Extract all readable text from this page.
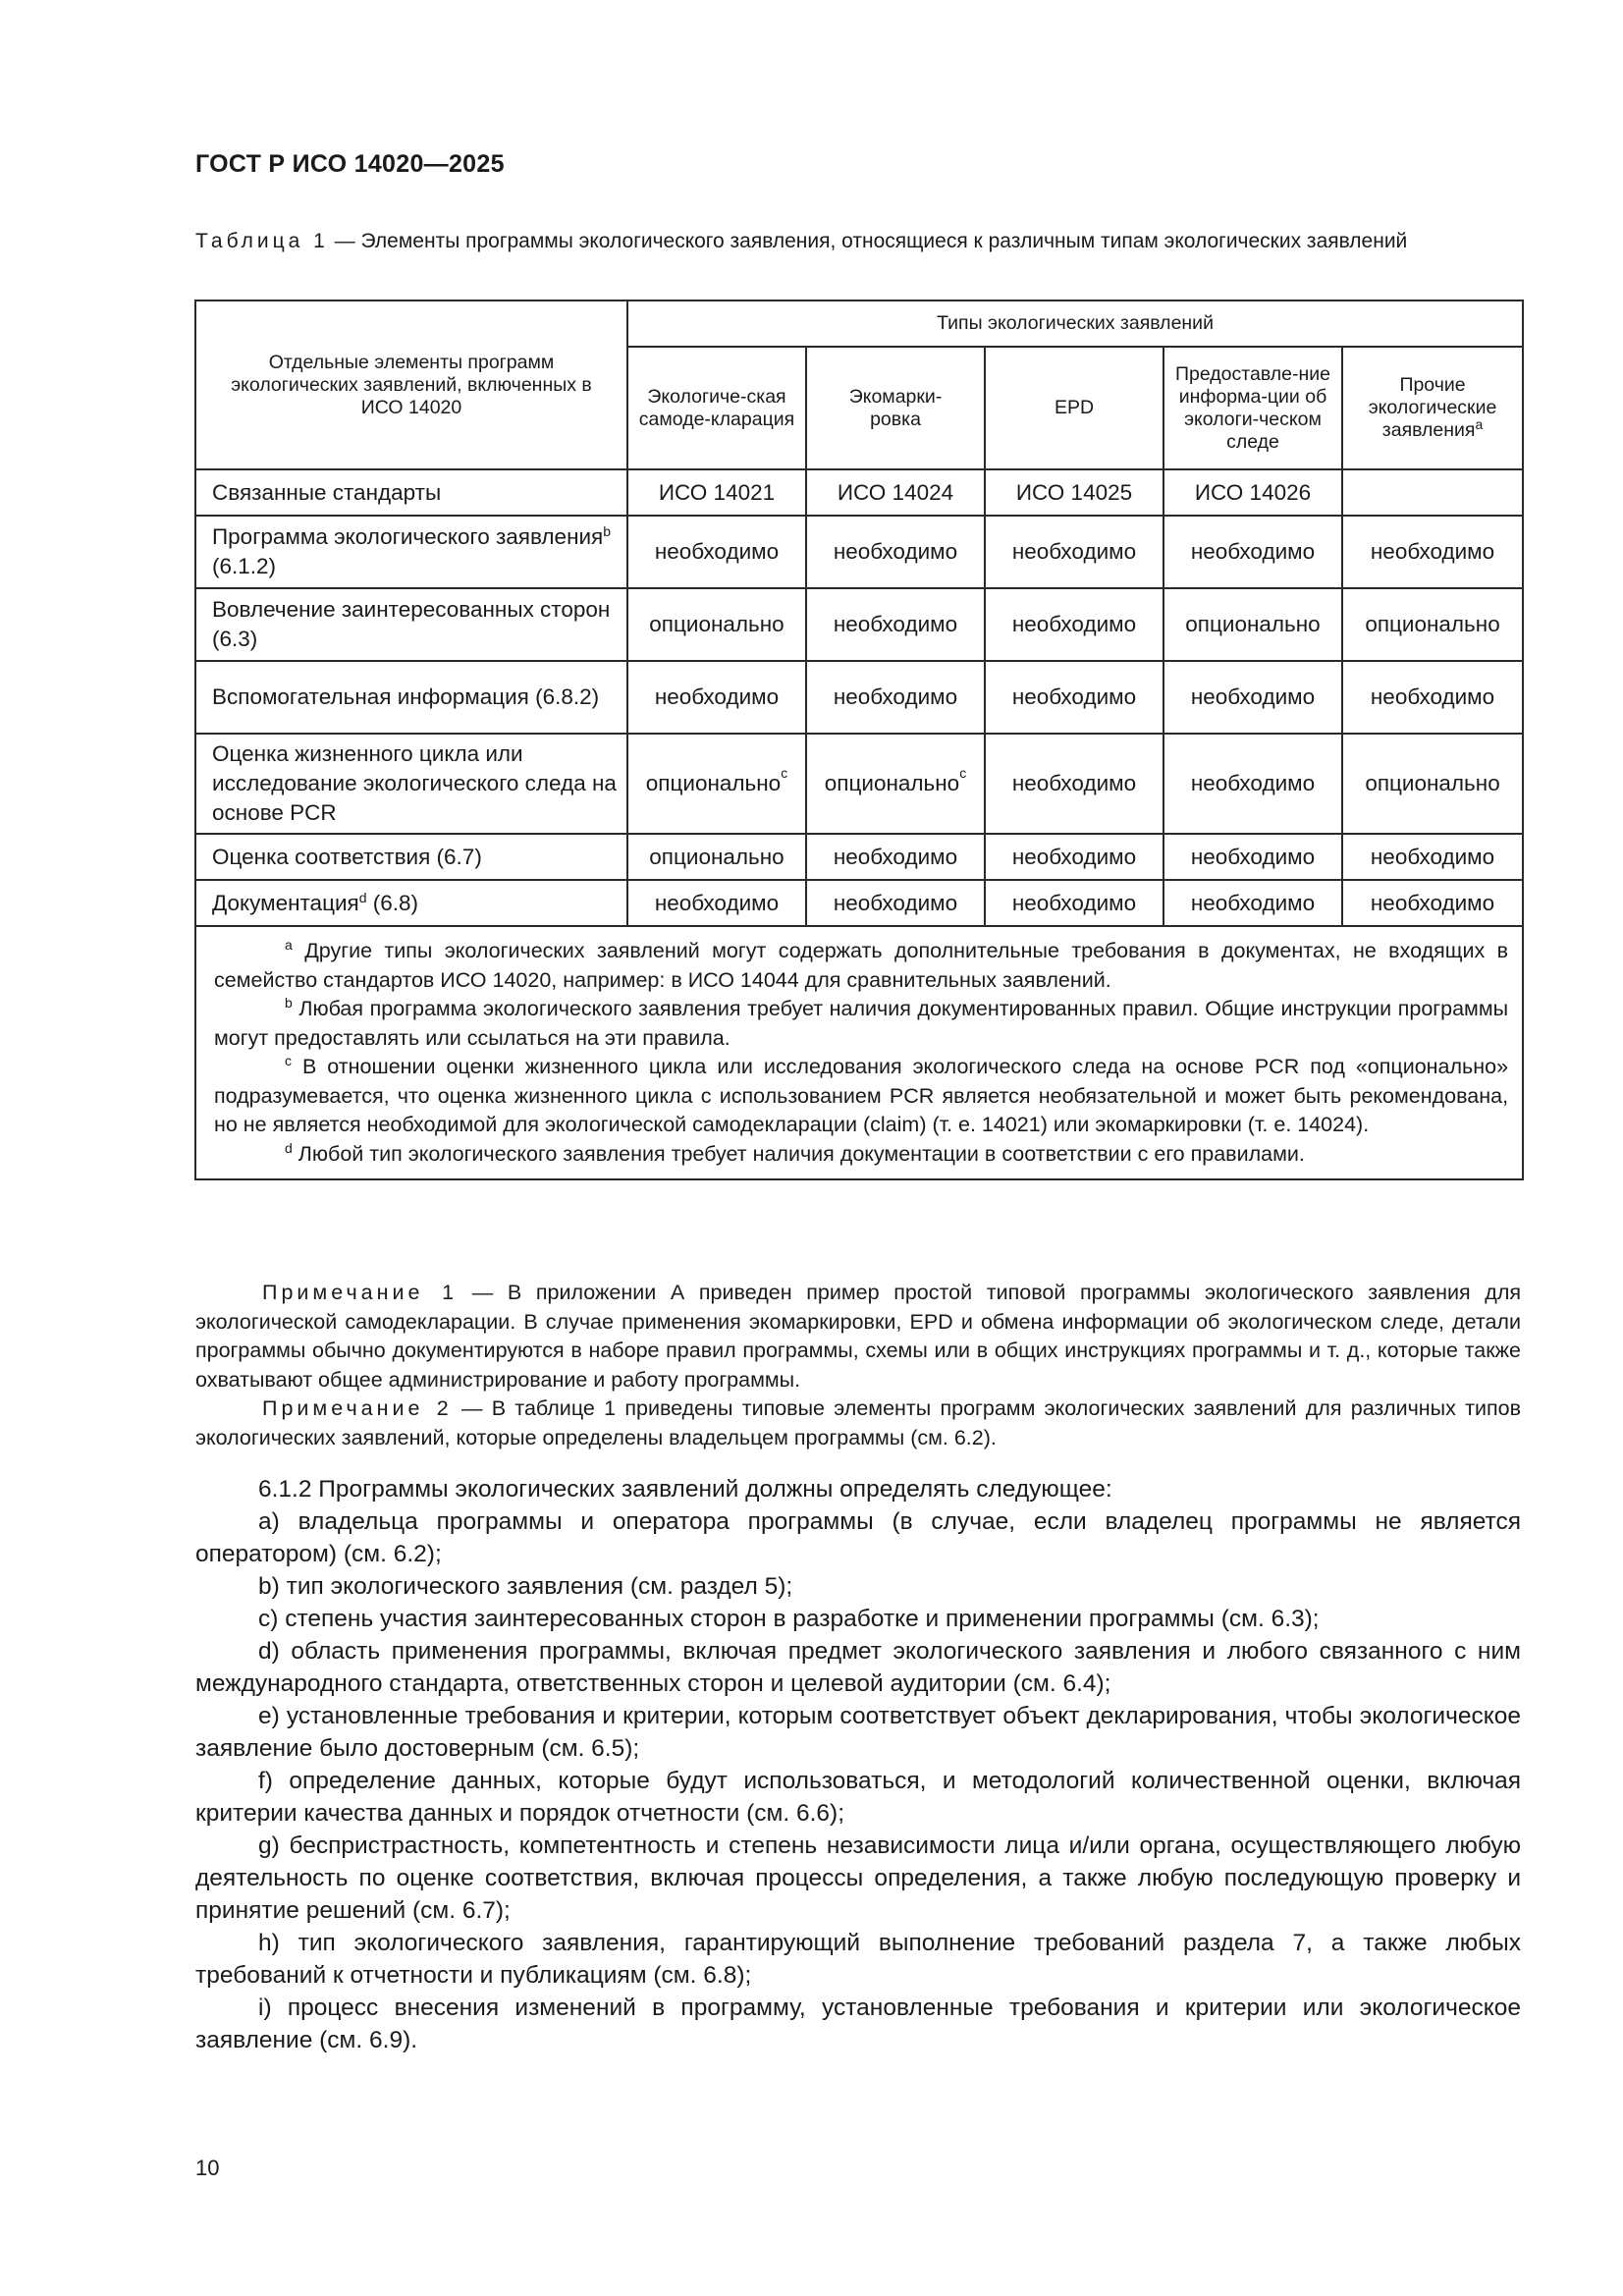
ГОСТ Р ИСО 14020—2025
Таблица 1 — Элементы программы экологического заявления, относящиеся к различным типам экологических заявлений
Отдельные элементы программ экологических заявлений, включенных в ИСО 14020	Типы экологических заявлений				
	Экологиче-ская самоде-кларация	Экомарки-ровка	EPD	Предоставле-ние информа-ции об экологи-ческом следе	Прочие экологические заявления$^a$
Связанные стандарты	ИСО 14021	ИСО 14024	ИСО 14025	ИСО 14026	
Программа экологического заявления$^b$ (6.1.2)	необходимо	необходимо	необходимо	необходимо	необходимо
Вовлечение заинтересованных сторон (6.3)	опционально	необходимо	необходимо	опционально	опционально
Вспомогательная информация (6.8.2)	необходимо	необходимо	необходимо	необходимо	необходимо
Оценка жизненного цикла или исследование экологического следа на основе PCR	опционально$^c$	опционально$^c$	необходимо	необходимо	опционально
Оценка соответствия (6.7)	опционально	необходимо	необходимо	необходимо	необходимо
Документация$^d$ (6.8)	необходимо	необходимо	необходимо	необходимо	необходимо

$^a$ Другие типы экологических заявлений могут содержать дополнительные требования в документах, не входящих в семейство стандартов ИСО 14020, например: в ИСО 14044 для сравнительных заявлений.

$^b$ Любая программа экологического заявления требует наличия документированных правил. Общие инструкции программы могут предоставлять или ссылаться на эти правила.

$^c$ В отношении оценки жизненного цикла или исследования экологического следа на основе PCR под «опционально» подразумевается, что оценка жизненного цикла с использованием PCR является необязательной и может быть рекомендована, но не является необходимой для экологической самодекларации (claim) (т. е. 14021) или экомаркировки (т. е. 14024).

$^d$ Любой тип экологического заявления требует наличия документации в соответствии с его правилами.					

Примечание 1 — В приложении А приведен пример простой типовой программы экологического заявления для экологической самодекларации. В случае применения экомаркировки, EPD и обмена информации об экологическом следе, детали программы обычно документируются в наборе правил программы, схемы или в общих инструкциях программы и т. д., которые также охватывают общее администрирование и работу программы.

Примечание 2 — В таблице 1 приведены типовые элементы программ экологических заявлений для различных типов экологических заявлений, которые определены владельцем программы (см. 6.2).

6.1.2 Программы экологических заявлений должны определять следующее:

а) владельца программы и оператора программы (в случае, если владелец программы не является оператором) (см. 6.2);

b) тип экологического заявления (см. раздел 5);

c) степень участия заинтересованных сторон в разработке и применении программы (см. 6.3);

d) область применения программы, включая предмет экологического заявления и любого связанного с ним международного стандарта, ответственных сторон и целевой аудитории (см. 6.4);

e) установленные требования и критерии, которым соответствует объект декларирования, чтобы экологическое заявление было достоверным (см. 6.5);

f) определение данных, которые будут использоваться, и методологий количественной оценки, включая критерии качества данных и порядок отчетности (см. 6.6);

g) беспристрастность, компетентность и степень независимости лица и/или органа, осуществляющего любую деятельность по оценке соответствия, включая процессы определения, а также любую последующую проверку и принятие решений (см. 6.7);

h) тип экологического заявления, гарантирующий выполнение требований раздела 7, а также любых требований к отчетности и публикациям (см. 6.8);

i) процесс внесения изменений в программу, установленные требования и критерии или экологическое заявление (см. 6.9).

10
